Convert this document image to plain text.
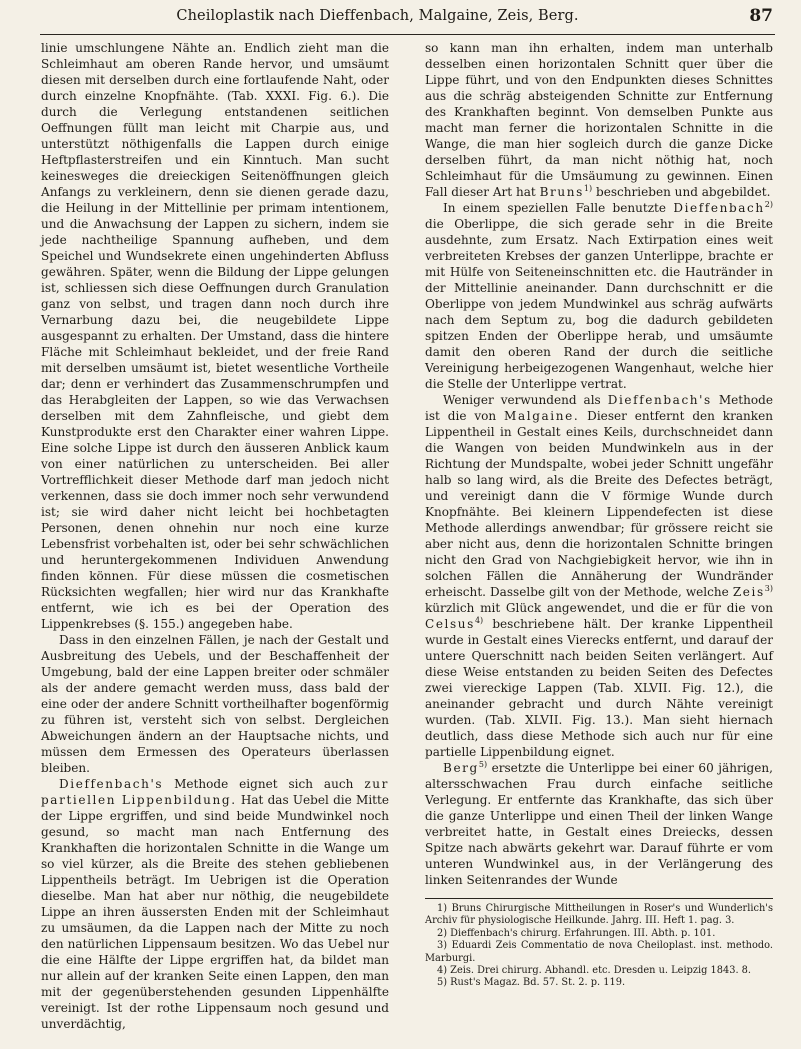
Cheiloplastik nach Dieffenbach, Malgaine, Zeis, Berg.	87

linie umschlungene Nähte an. Endlich zieht man die Schleimhaut am oberen Rande hervor, und umsäumt diesen mit derselben durch eine fortlaufende Naht, oder durch einzelne Knopfnähte. (Tab. XXXI. Fig. 6.). Die durch die Verlegung entstandenen seitlichen Oeffnungen füllt man leicht mit Charpie aus, und unterstützt nöthigenfalls die Lappen durch einige Heftpflasterstreifen und ein Kinntuch. Man sucht keinesweges die dreieckigen Seitenöffnungen gleich Anfangs zu verkleinern, denn sie dienen gerade dazu, die Heilung in der Mittellinie per primam intentionem, und die Anwachsung der Lappen zu sichern, indem sie jede nachtheilige Spannung aufheben, und dem Speichel und Wundsekrete einen ungehinderten Abfluss gewähren. Später, wenn die Bildung der Lippe gelungen ist, schliessen sich diese Oeffnungen durch Granulation ganz von selbst, und tragen dann noch durch ihre Vernarbung dazu bei, die neugebildete Lippe ausgespannt zu erhalten. Der Umstand, dass die hintere Fläche mit Schleimhaut bekleidet, und der freie Rand mit derselben umsäumt ist, bietet wesentliche Vortheile dar; denn er verhindert das Zusammenschrumpfen und das Herabgleiten der Lappen, so wie das Verwachsen derselben mit dem Zahnfleische, und giebt dem Kunstprodukte erst den Charakter einer wahren Lippe. Eine solche Lippe ist durch den äusseren Anblick kaum von einer natürlichen zu unterscheiden. Bei aller Vortrefflichkeit dieser Methode darf man jedoch nicht verkennen, dass sie doch immer noch sehr verwundend ist; sie wird daher nicht leicht bei hochbetagten Personen, denen ohnehin nur noch eine kurze Lebensfrist vorbehalten ist, oder bei sehr schwächlichen und heruntergekommenen Individuen Anwendung finden können. Für diese müssen die cosmetischen Rücksichten wegfallen; hier wird nur das Krankhafte entfernt, wie ich es bei der Operation des Lippenkrebses (§. 155.) angegeben habe.

Dass in den einzelnen Fällen, je nach der Gestalt und Ausbreitung des Uebels, und der Beschaffenheit der Umgebung, bald der eine Lappen breiter oder schmäler als der andere gemacht werden muss, dass bald der eine oder der andere Schnitt vortheilhafter bogenförmig zu führen ist, versteht sich von selbst. Dergleichen Abweichungen ändern an der Hauptsache nichts, und müssen dem Ermessen des Operateurs überlassen bleiben.

Dieffenbach's Methode eignet sich auch zur partiellen Lippenbildung. Hat das Uebel die Mitte der Lippe ergriffen, und sind beide Mundwinkel noch gesund, so macht man nach Entfernung des Krankhaften die horizontalen Schnitte in die Wange um so viel kürzer, als die Breite des stehen gebliebenen Lippentheils beträgt. Im Uebrigen ist die Operation dieselbe. Man hat aber nur nöthig, die neugebildete Lippe an ihren äussersten Enden mit der Schleimhaut zu umsäumen, da die Lappen nach der Mitte zu noch den natürlichen Lippensaum besitzen. Wo das Uebel nur die eine Hälfte der Lippe ergriffen hat, da bildet man nur allein auf der kranken Seite einen Lappen, den man mit der gegenüberstehenden gesunden Lippenhälfte vereinigt. Ist der rothe Lippensaum noch gesund und unverdächtig,

so kann man ihn erhalten, indem man unterhalb desselben einen horizontalen Schnitt quer über die Lippe führt, und von den Endpunkten dieses Schnittes aus die schräg absteigenden Schnitte zur Entfernung des Krankhaften beginnt. Von demselben Punkte aus macht man ferner die horizontalen Schnitte in die Wange, die man hier sogleich durch die ganze Dicke derselben führt, da man nicht nöthig hat, noch Schleimhaut für die Umsäumung zu gewinnen. Einen Fall dieser Art hat Bruns$^{1)}$ beschrieben und abgebildet.

In einem speziellen Falle benutzte Dieffenbach$^{2)}$ die Oberlippe, die sich gerade sehr in die Breite ausdehnte, zum Ersatz. Nach Extirpation eines weit verbreiteten Krebses der ganzen Unterlippe, brachte er mit Hülfe von Seiteneinschnitten etc. die Hautränder in der Mittellinie aneinander. Dann durchschnitt er die Oberlippe von jedem Mundwinkel aus schräg aufwärts nach dem Septum zu, bog die dadurch gebildeten spitzen Enden der Oberlippe herab, und umsäumte damit den oberen Rand der durch die seitliche Vereinigung herbeigezogenen Wangenhaut, welche hier die Stelle der Unterlippe vertrat.

Weniger verwundend als Dieffenbach's Methode ist die von Malgaine. Dieser entfernt den kranken Lippentheil in Gestalt eines Keils, durchschneidet dann die Wangen von beiden Mundwinkeln aus in der Richtung der Mundspalte, wobei jeder Schnitt ungefähr halb so lang wird, als die Breite des Defectes beträgt, und vereinigt dann die V förmige Wunde durch Knopfnähte. Bei kleinern Lippendefecten ist diese Methode allerdings anwendbar; für grössere reicht sie aber nicht aus, denn die horizontalen Schnitte bringen nicht den Grad von Nachgiebigkeit hervor, wie ihn in solchen Fällen die Annäherung der Wundränder erheischt. Dasselbe gilt von der Methode, welche Zeis$^{3)}$ kürzlich mit Glück angewendet, und die er für die von Celsus$^{4)}$ beschriebene hält. Der kranke Lippentheil wurde in Gestalt eines Vierecks entfernt, und darauf der untere Querschnitt nach beiden Seiten verlängert. Auf diese Weise entstanden zu beiden Seiten des Defectes zwei viereckige Lappen (Tab. XLVII. Fig. 12.), die aneinander gebracht und durch Nähte vereinigt wurden. (Tab. XLVII. Fig. 13.). Man sieht hiernach deutlich, dass diese Methode sich auch nur für eine partielle Lippenbildung eignet.

Berg$^{5)}$ ersetzte die Unterlippe bei einer 60 jährigen, altersschwachen Frau durch einfache seitliche Verlegung. Er entfernte das Krankhafte, das sich über die ganze Unterlippe und einen Theil der linken Wange verbreitet hatte, in Gestalt eines Dreiecks, dessen Spitze nach abwärts gekehrt war. Darauf führte er vom unteren Wundwinkel aus, in der Verlängerung des linken Seitenrandes der Wunde

1) Bruns Chirurgische Mittheilungen in Roser's und Wunderlich's Archiv für physiologische Heilkunde. Jahrg. III. Heft 1. pag. 3.

2) Dieffenbach's chirurg. Erfahrungen. III. Abth. p. 101.

3) Eduardi Zeis Commentatio de nova Cheiloplast. inst. methodo. Marburgi.

4) Zeis. Drei chirurg. Abhandl. etc. Dresden u. Leipzig 1843. 8.

5) Rust's Magaz. Bd. 57. St. 2. p. 119.
